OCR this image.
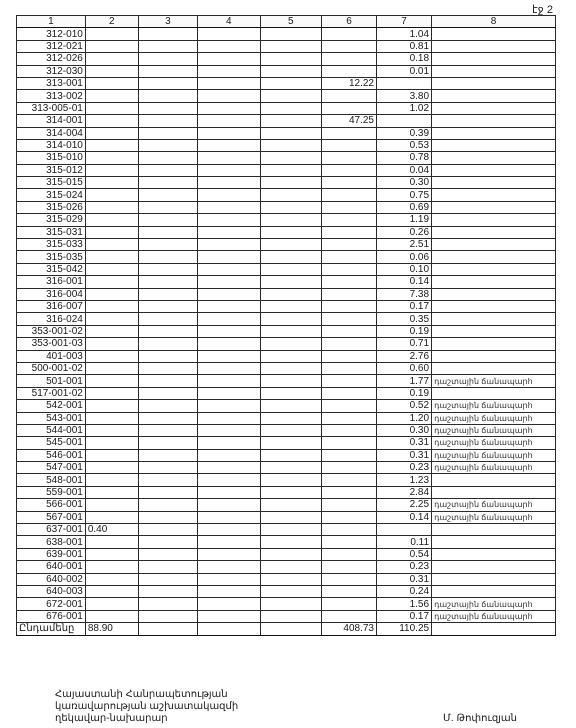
էջ 2
1	2	3	4	5	6	7	8
312-010						1.04	
312-021						0.81	
312-026						0.18	
312-030						0.01	
313-001					12.22		
313-002						3.80	
313-005-01						1.02	
314-001					47.25		
314-004						0.39	
314-010						0.53	
315-010						0.78	
315-012						0.04	
315-015						0.30	
315-024						0.75	
315-026						0.69	
315-029						1.19	
315-031						0.26	
315-033						2.51	
315-035						0.06	
315-042						0.10	
316-001						0.14	
316-004						7.38	
316-007						0.17	
316-024						0.35	
353-001-02						0.19	
353-001-03						0.71	
401-003						2.76	
500-001-02						0.60	
501-001						1.77	դաշտային ճանապարհ
517-001-02						0.19	
542-001						0.52	դաշտային ճանապարհ
543-001						1.20	դաշտային ճանապարհ
544-001						0.30	դաշտային ճանապարհ
545-001						0.31	դաշտային ճանապարհ
546-001						0.31	դաշտային ճանապարհ
547-001						0.23	դաշտային ճանապարհ
548-001						1.23	
559-001						2.84	
566-001						2.25	դաշտային ճանապարհ
567-001						0.14	դաշտային ճանապարհ
637-001	0.40						
638-001						0.11	
639-001						0.54	
640-001						0.23	
640-002						0.31	
640-003						0.24	
672-001						1.56	դաշտային ճանապարհ
676-001						0.17	դաշտային ճանապարհ
Ընդամենը	88.90				408.73	110.25	
Հայաստանի Հանրապետության
կառավարության աշխատակազմի
ղեկավար-նախարար	Մ. Թոփուզյան
